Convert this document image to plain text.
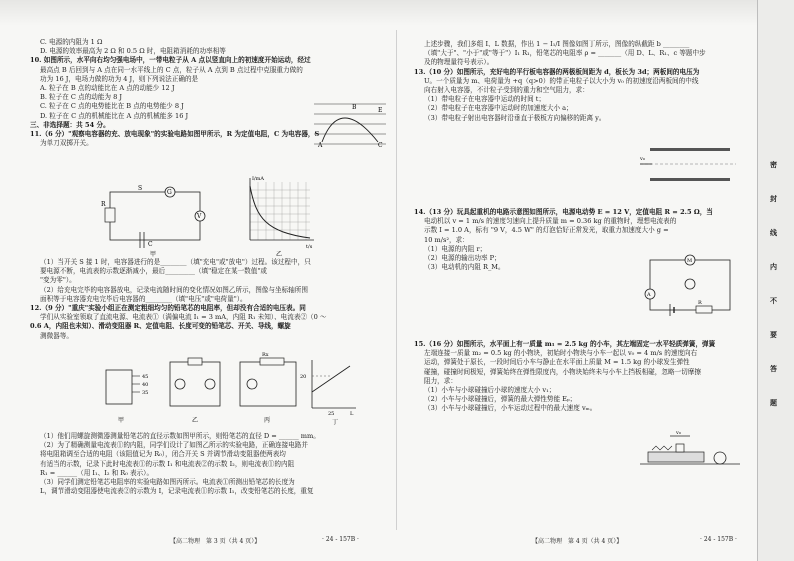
C. 电源的内阻为 1 Ω

D. 电源的效率最高为 2 Ω 和 0.5 Ω 时，电阻箱消耗的功率相等

10. 如图所示，水平向右均匀强电场中，一带电粒子从 A 点以竖直向上的初速度开始运动，经过

最高点 B 后回到与 A 点在同一水平线上的 C 点，粒子从 A 点到 B 点过程中克服重力做的

功为 16 J，电场力做的功为 4 J，则下列说法正确的是

A. 粒子在 B 点的动能比在 A 点的动能少 12 J

B. 粒子在 C 点的动能为 8 J

C. 粒子在 C 点的电势能比在 B 点的电势能少 8 J

D. 粒子在 C 点的机械能比在 A 点的机械能多 16 J

三、非选择题：共 54 分。

11.（6 分）"观察电容器的充、放电现象"的实验电路如图甲所示，R 为定值电阻，C 为电容器，S

为单刀双掷开关。	A
B
C
E
G
V
R
C
S
甲
I/mA
t/s
乙

（1）当开关 S 接 1 时，电容器进行的是________（填"充电"或"放电"）过程。该过程中，只

要电源不断，电流表的示数逐渐减小，最后_________（填"稳定在某一数值"或

"变为零"）。

（2）给充电完毕的电容器放电，记录电流随时间的变化情况如图乙所示，图像与坐标轴所围

面积等于电容器充电完毕后电容器的________（填"电压"或"电荷量"）。

12.（9 分）"重庆"实验小组正在测定粗细均匀的铅笔芯的电阻率，但却没有合适的电压表。同

学们从实验室领取了直流电源、电流表①（满偏电流 I₁ = 3 mA，内阻 R₁ 未知）、电流表②（0 ～

0.6 A，内阻也未知）、滑动变阻器 R、定值电阻、长度可变的铅笔芯、开关、导线，螺旋

测微器等。

45
40
35
甲	乙
Rx
丙
20
25	L
丁

（1）他们用螺旋测微器测量铅笔芯的直径示数如图甲所示，则铅笔芯的直径 D = ______ mm。

（2）为了精确测量电流表①的内阻，同学们设计了如图乙所示的实验电路，正确连接电路并

将电阻箱调至合适的电阻（该阻值记为 R₀），闭合开关 S 并调节滑动变阻器使两表均

有适当的示数，记录下此时电流表①的示数 I₁ 和电流表②的示数 I₂，则电流表①的内阻

R₁ = ______（用 I₁、I₂ 和 R₀ 表示）。

（3）同学们测定铅笔芯电阻率的实验电路如图丙所示。电流表①所测出铅笔芯的长度为

L，调节滑动变阻器使电流表②的示数为 I，记录电流表①的示数 I₁，改变铅笔芯的长度，重复

上述步骤，我们多组 I、L 数据，作出 1 − I₁/I 图像如图丁所示，图像的纵截距 b ________

（填"大于"、"小于"或"等于"）I₁ R₁，铅笔芯的电阻率 ρ = _______（用 D、L、R₁、c 等题中步

及的物理量符号表示）。

13.（10 分）如图所示，充好电的平行板电容器的两极板间距为 d，板长为 3d；两板间的电压为

U。一个质量为 m、电荷量为 +q（q>0）的带正电粒子以大小为 v₀ 的初速度沿两板间的中线

向右射入电容器，不计粒子受到的重力和空气阻力，求：

（1）带电粒子在电容器中运动的时间 t；

（2）带电粒子在电容器中运动时的加速度大小 a；

（3）带电粒子射出电容器时沿垂直于极板方向偏移的距离 y。

v₀

14.（13 分）玩具起重机的电路示意图如图所示，电源电动势 E = 12 V，定值电阻 R = 2.5 Ω，当

电动机以 v = 1 m/s 的速度匀速向上提升质量 m = 0.36 kg 的重物时，理想电流表的

示数 I = 1.0 A，标有 "9 V，4.5 W" 的灯泡恰好正常发光，取重力加速度大小 g =

10 m/s²，求：

（1）电源的内阻 r；

（2）电源的输出功率 P；

（3）电动机的内阻 R_M。

M
A
R

15.（16 分）如图所示，水平面上有一质量 m₁ = 2.5 kg 的小车，其左端固定一水平轻质弹簧，弹簧

左端连接一质量 m₂ = 0.5 kg 的小物块，初始时小物块与小车一起以 v₀ = 4 m/s 的速度向右

运动，弹簧处于原长，一段时间后小车与静止在水平面上质量 M = 1.5 kg 的小球发生弹性

碰撞，碰撞时间极短，弹簧始终在弹性限度内，小物块始终未与小车上挡板相碰，忽略一切摩擦

阻力，求：

（1）小车与小球碰撞后小球的速度大小 v₁；

（2）小车与小球碰撞后，弹簧的最大弹性势能 Eₚ；

（3）小车与小球碰撞后，小车运动过程中的最大速度 vₘ。

v₀
【高二物理　第 3 页（共 4 页）】	· 24 - 157B ·	【高二物理　第 4 页（共 4 页）】	· 24 - 157B ·
密
封
线
内
不
要
答
题
